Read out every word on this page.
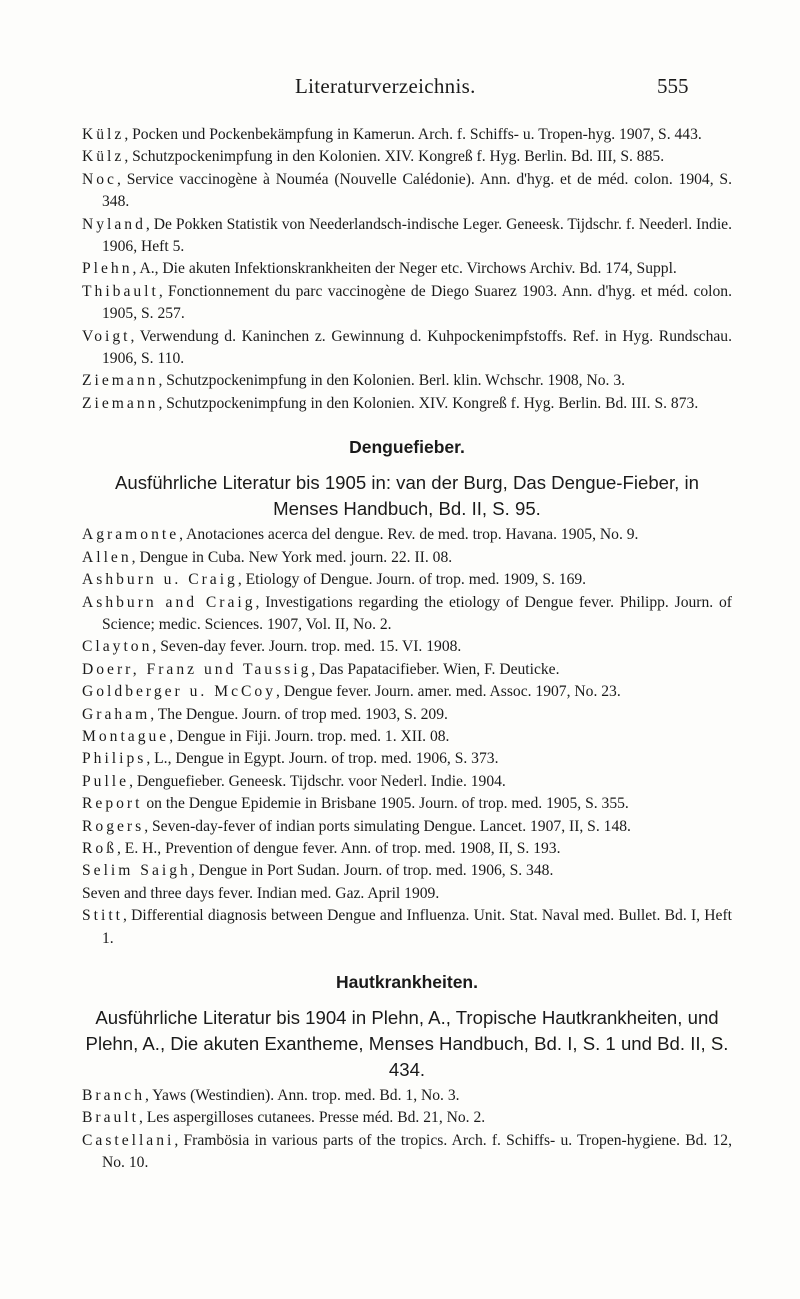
Literaturverzeichnis.	555
Külz, Pocken und Pockenbekämpfung in Kamerun. Arch. f. Schiffs- u. Tropen-hyg. 1907, S. 443.
Külz, Schutzpockenimpfung in den Kolonien. XIV. Kongreß f. Hyg. Berlin. Bd. III, S. 885.
Noc, Service vaccinogène à Nouméa (Nouvelle Calédonie). Ann. d'hyg. et de méd. colon. 1904, S. 348.
Nyland, De Pokken Statistik von Neederlandsch-indische Leger. Geneesk. Tijdschr. f. Neederl. Indie. 1906, Heft 5.
Plehn, A., Die akuten Infektionskrankheiten der Neger etc. Virchows Archiv. Bd. 174, Suppl.
Thibault, Fonctionnement du parc vaccinogène de Diego Suarez 1903. Ann. d'hyg. et méd. colon. 1905, S. 257.
Voigt, Verwendung d. Kaninchen z. Gewinnung d. Kuhpockenimpfstoffs. Ref. in Hyg. Rundschau. 1906, S. 110.
Ziemann, Schutzpockenimpfung in den Kolonien. Berl. klin. Wchschr. 1908, No. 3.
Ziemann, Schutzpockenimpfung in den Kolonien. XIV. Kongreß f. Hyg. Berlin. Bd. III. S. 873.
Denguefieber.
Ausführliche Literatur bis 1905 in: van der Burg, Das Dengue-Fieber, in Menses Handbuch, Bd. II, S. 95.
Agramonte, Anotaciones acerca del dengue. Rev. de med. trop. Havana. 1905, No. 9.
Allen, Dengue in Cuba. New York med. journ. 22. II. 08.
Ashburn u. Craig, Etiology of Dengue. Journ. of trop. med. 1909, S. 169.
Ashburn and Craig, Investigations regarding the etiology of Dengue fever. Philipp. Journ. of Science; medic. Sciences. 1907, Vol. II, No. 2.
Clayton, Seven-day fever. Journ. trop. med. 15. VI. 1908.
Doerr, Franz und Taussig, Das Papatacifieber. Wien, F. Deuticke.
Goldberger u. McCoy, Dengue fever. Journ. amer. med. Assoc. 1907, No. 23.
Graham, The Dengue. Journ. of trop med. 1903, S. 209.
Montague, Dengue in Fiji. Journ. trop. med. 1. XII. 08.
Philips, L., Dengue in Egypt. Journ. of trop. med. 1906, S. 373.
Pulle, Denguefieber. Geneesk. Tijdschr. voor Nederl. Indie. 1904.
Report on the Dengue Epidemie in Brisbane 1905. Journ. of trop. med. 1905, S. 355.
Rogers, Seven-day-fever of indian ports simulating Dengue. Lancet. 1907, II, S. 148.
Roß, E. H., Prevention of dengue fever. Ann. of trop. med. 1908, II, S. 193.
Selim Saigh, Dengue in Port Sudan. Journ. of trop. med. 1906, S. 348.
Seven and three days fever. Indian med. Gaz. April 1909.
Stitt, Differential diagnosis between Dengue and Influenza. Unit. Stat. Naval med. Bullet. Bd. I, Heft 1.
Hautkrankheiten.
Ausführliche Literatur bis 1904 in Plehn, A., Tropische Hautkrankheiten, und Plehn, A., Die akuten Exantheme, Menses Handbuch, Bd. I, S. 1 und Bd. II, S. 434.
Branch, Yaws (Westindien). Ann. trop. med. Bd. 1, No. 3.
Brault, Les aspergilloses cutanees. Presse méd. Bd. 21, No. 2.
Castellani, Frambösia in various parts of the tropics. Arch. f. Schiffs- u. Tropen-hygiene. Bd. 12, No. 10.
